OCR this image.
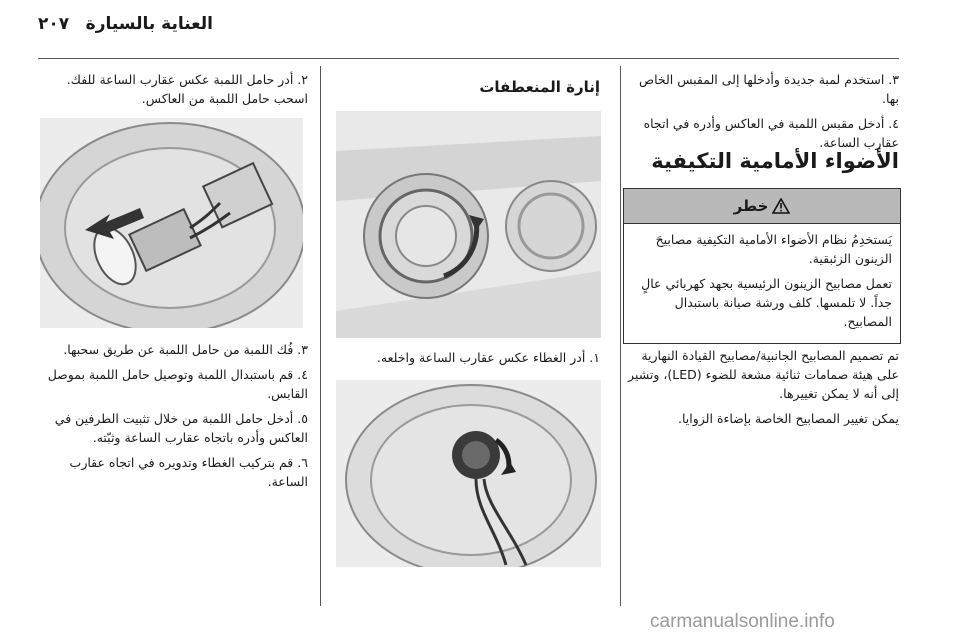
العناية بالسيارة
٢٠٧

٣.استخدم لمبة جديدة وأدخلها إلى المقبس الخاص بها.

٤.أدخل مقبس اللمبة في العاكس وأدره في اتجاه عقارب الساعة.

الأضواء الأمامية التكيفية
خطر

يَستخدِمُ نظام الأضواء الأمامية التكيفية مصابيحَ الزينون الزئبقية.

تعمل مصابيح الزينون الرئيسية بجهد كهربائي عالٍ جداً. لا تلمسها. كلف ورشة صيانة باستبدال المصابيح.

تم تصميم المصابيح الجانبية/مصابيح القيادة النهارية على هيئة صمامات ثنائية مشعة للضوء (LED)، وتشير إلى أنه لا يمكن تغييرها.

يمكن تغيير المصابيح الخاصة بإضاءة الزوايا.

إنارة المنعطفات

١.أدر الغطاء عكس عقارب الساعة واخلعه.

٢.أدر حامل اللمبة عكس عقارب الساعة للفك. اسحب حامل اللمبة من العاكس.

٣.فُك اللمبة من حامل اللمبة عن طريق سحبها.

٤.قم باستبدال اللمبة وتوصيل حامل اللمبة بموصل القابس.

٥.أدخل حامل اللمبة من خلال تثبيت الطرفين في العاكس وأدره باتجاه عقارب الساعة وثبّته.

٦.قم بتركيب الغطاء وتدويره في اتجاه عقارب الساعة.

carmanualsonline.info
